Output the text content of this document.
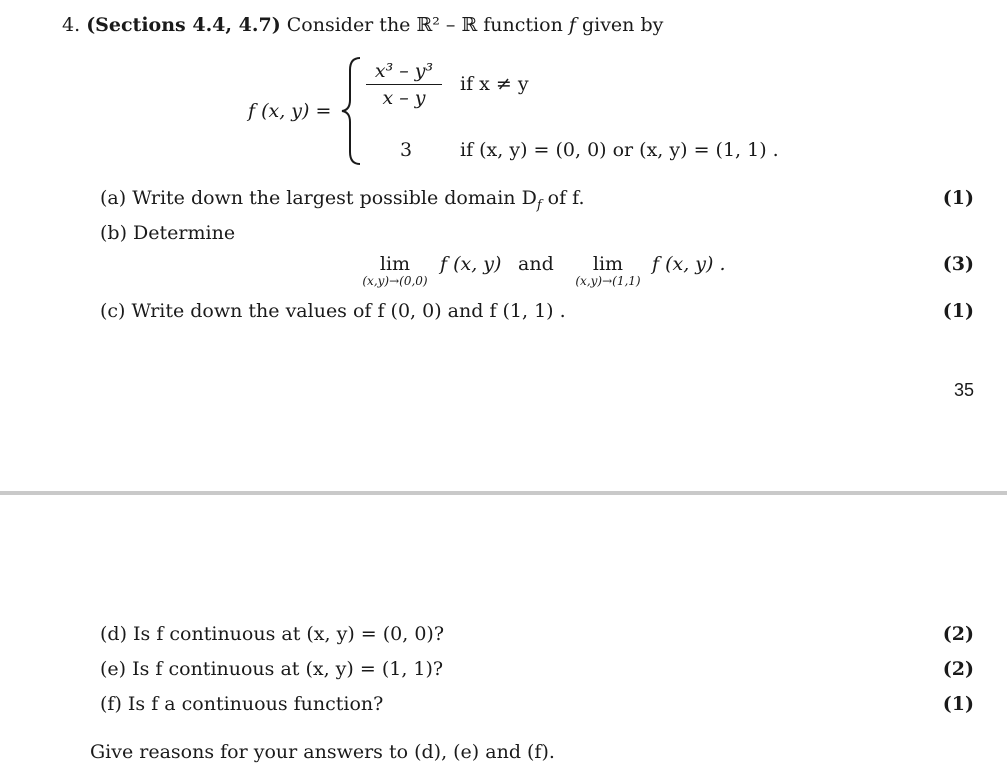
4. (Sections 4.4, 4.7) Consider the ℝ² – ℝ function f given by
f (x, y) =
x³ – y³
x – y
if x ≠ y
3	if (x, y) = (0, 0) or (x, y) = (1, 1) .
(a) Write down the largest possible domain $D_f$ of f.	(1)
(b) Determine
lim
(x,y)→(0,0)
f (x, y) and	lim
(x,y)→(1,1)
f (x, y) .	(3)
(c) Write down the values of f (0, 0) and f (1, 1) .	(1)
35
(d) Is f continuous at (x, y) = (0, 0)?	(2)
(e) Is f continuous at (x, y) = (1, 1)?	(2)
(f) Is f a continuous function?	(1)
Give reasons for your answers to (d), (e) and (f).
